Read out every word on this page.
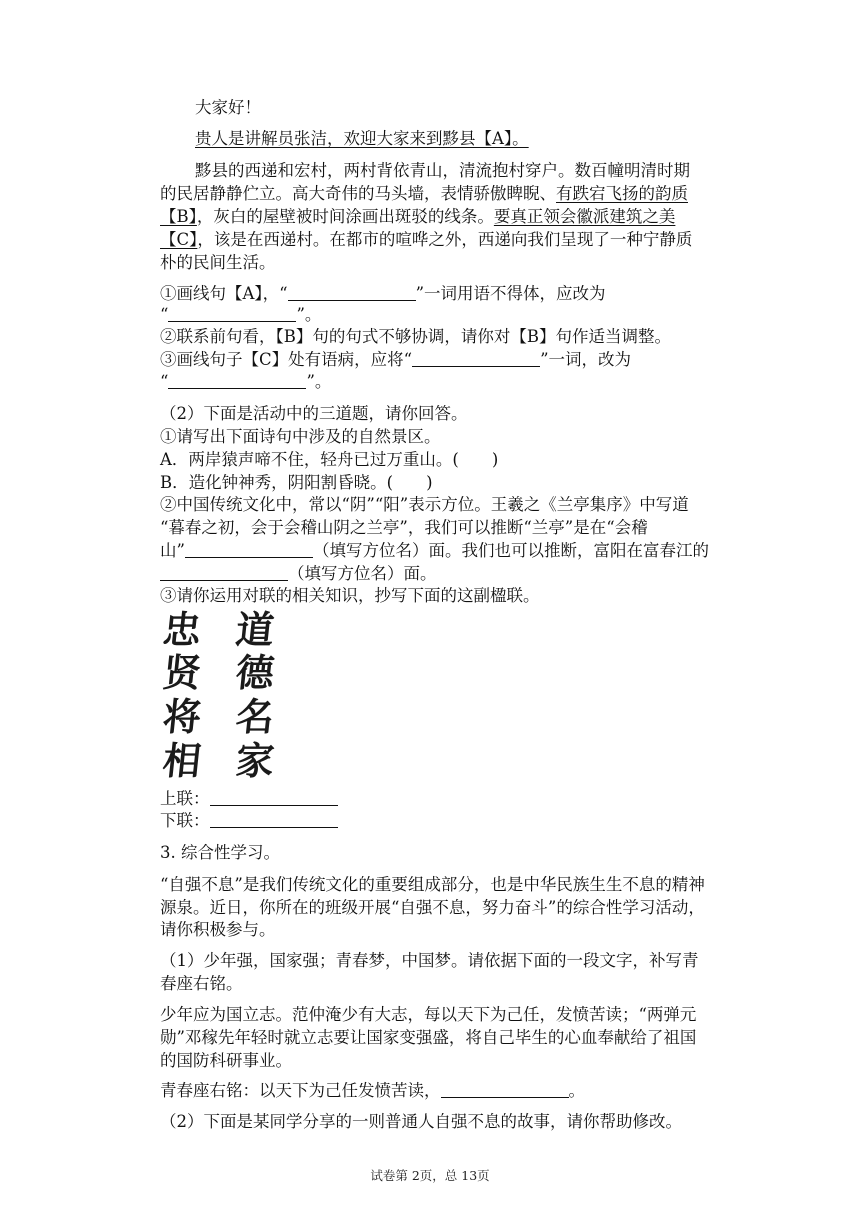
大家好！
贵人是讲解员张洁，欢迎大家来到黟县【A】。
黟县的西递和宏村，两村背依青山，清流抱村穿户。数百幢明清时期
的民居静静伫立。高大奇伟的马头墙，表情骄傲睥睨、有跌宕飞扬的韵质
【B】，灰白的屋壁被时间涂画出斑驳的线条。要真正领会徽派建筑之美
【C】，该是在西递村。在都市的喧哗之外，西递向我们呈现了一种宁静质
朴的民间生活。
①画线句【A】，“	”一词用语不得体，应改为
“	”。
②联系前句看，【B】句的句式不够协调，请你对【B】句作适当调整。
③画线句子【C】处有语病，应将“	”一词，改为
“	”。
（2）下面是活动中的三道题，请你回答。
①请写出下面诗句中涉及的自然景区。
A．两岸猿声啼不住，轻舟已过万重山。(　　)
B．造化钟神秀，阴阳割昏晓。(　　)
②中国传统文化中，常以“阴”“阳”表示方位。王羲之《兰亭集序》中写道
“暮春之初，会于会稽山阴之兰亭”，我们可以推断“兰亭”是在“会稽
山”	（填写方位名）面。我们也可以推断，富阳在富春江的
（填写方位名）面。
③请你运用对联的相关知识，抄写下面的这副楹联。
忠
贤
将
相
道
德
名
家
上联：
下联：
3. 综合性学习。
“自强不息”是我们传统文化的重要组成部分，也是中华民族生生不息的精神
源泉。近日，你所在的班级开展“自强不息，努力奋斗”的综合性学习活动，
请你积极参与。
（1）少年强，国家强；青春梦，中国梦。请依据下面的一段文字，补写青
春座右铭。
少年应为国立志。范仲淹少有大志，每以天下为己任，发愤苦读；“两弹元
勋”邓稼先年轻时就立志要让国家变强盛，将自己毕生的心血奉献给了祖国
的国防科研事业。
青春座右铭：以天下为己任发愤苦读，	。
（2）下面是某同学分享的一则普通人自强不息的故事，请你帮助修改。
试卷第 2页，总 13页
